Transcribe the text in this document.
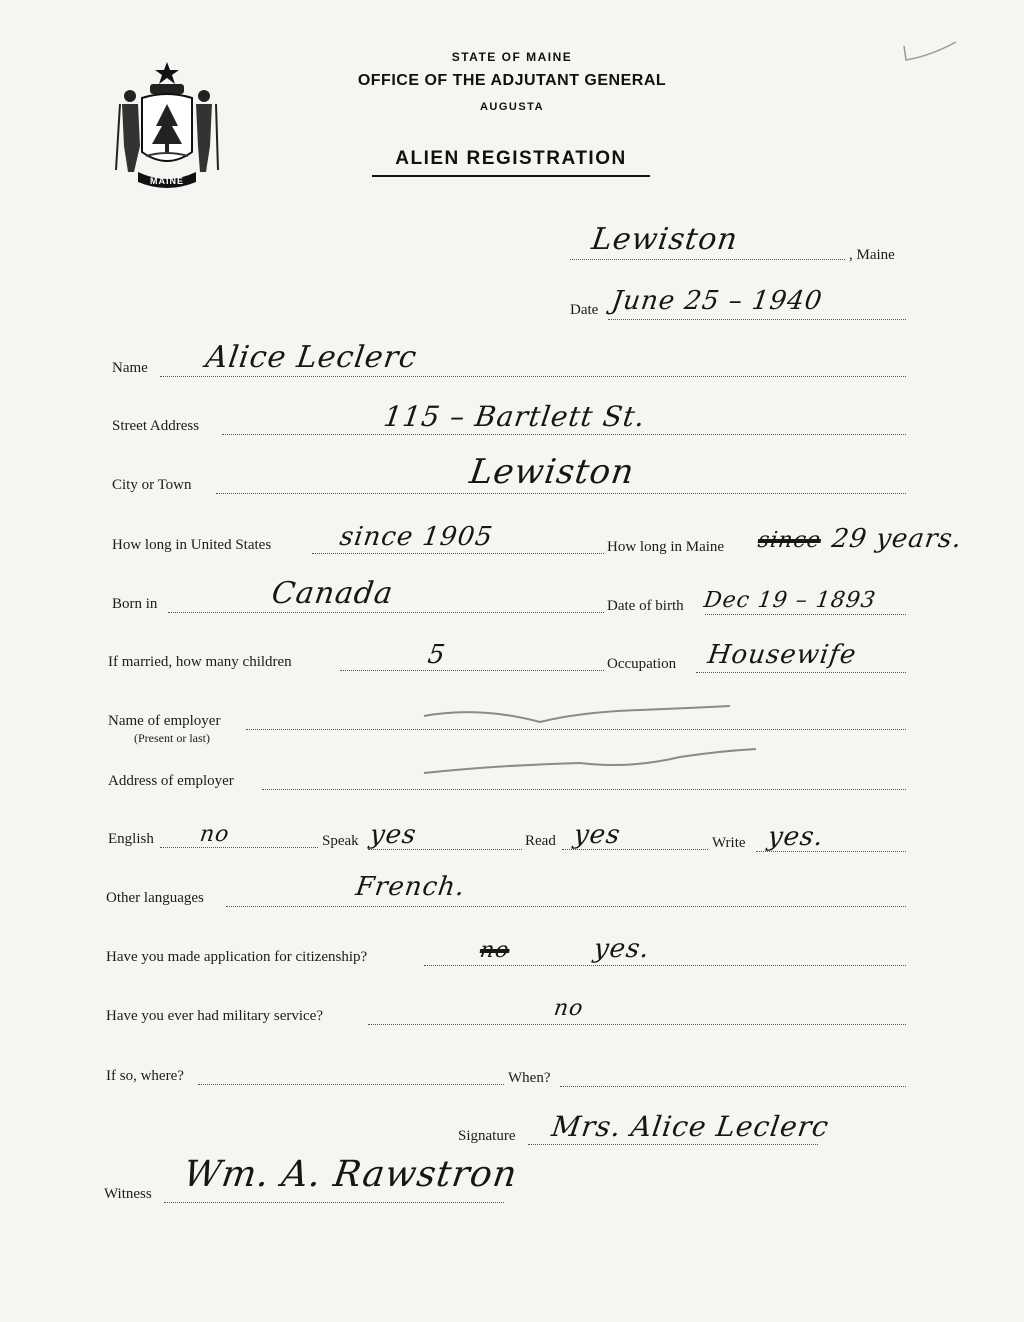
MAINE
STATE OF MAINE
OFFICE OF THE ADJUTANT GENERAL
AUGUSTA
ALIEN REGISTRATION
Lewiston	, Maine
Date June 25 – 1940
Name Alice Leclerc
Street Address	115 – Bartlett St.
City or Town	Lewiston
How long in United States	since 1905	How long in Maine since 29 years.
Born in	Canada	Date of birth Dec 19 – 1893
If married, how many children	5	Occupation Housewife
Name of employer
(Present or last)
Address of employer
English no	Speak yes	Read yes	Write yes.
Other languages	French.
Have you made application for citizenship?	no	yes.
Have you ever had military service?	no
If so, where?	When?
Signature Mrs. Alice Leclerc
Witness Wm. A. Rawstron
